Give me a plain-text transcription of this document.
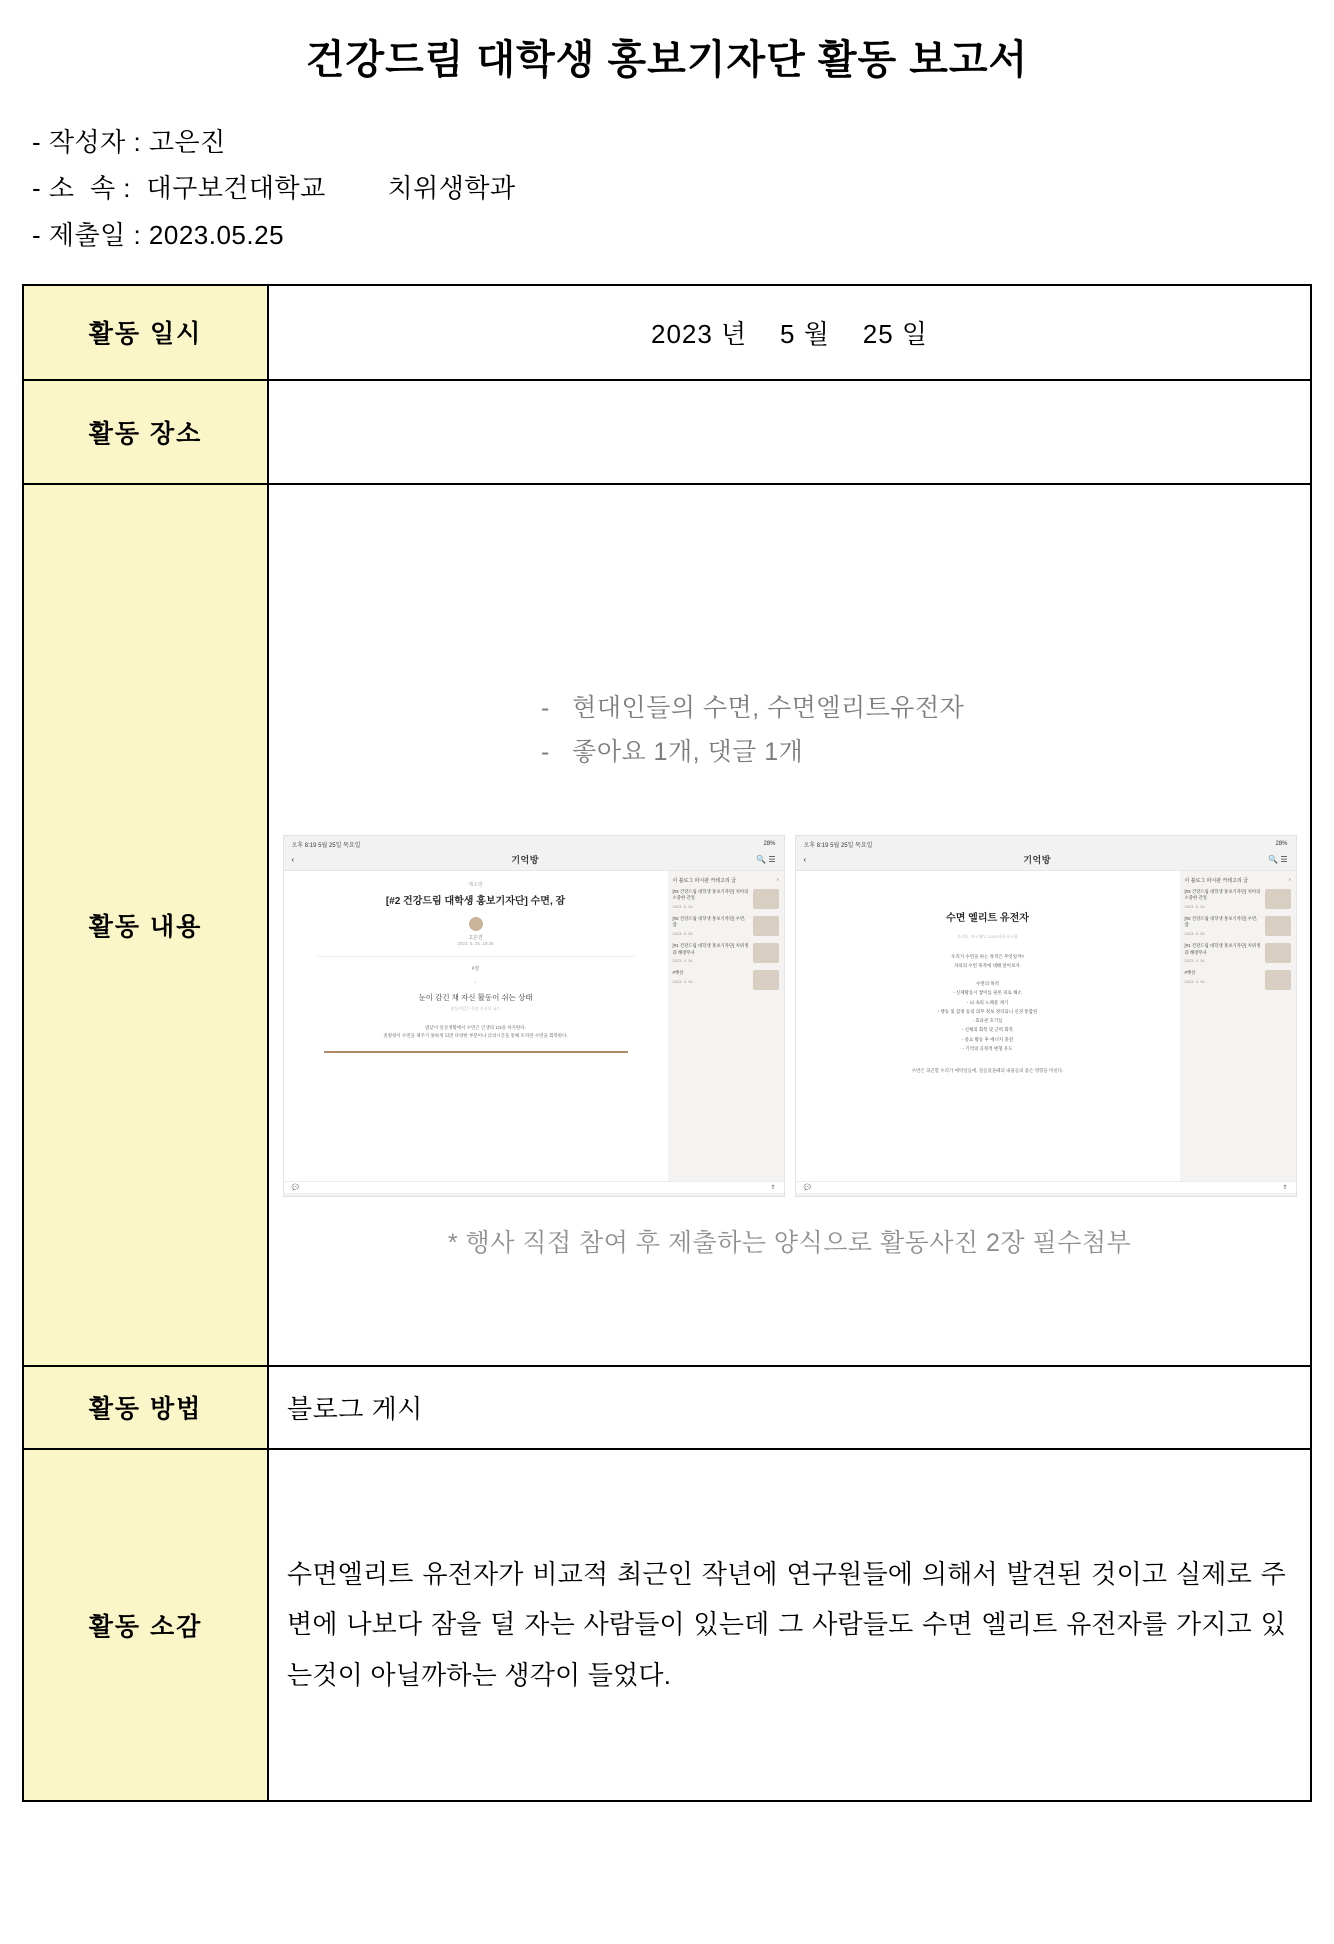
건강드림 대학생 홍보기자단 활동 보고서
- 작성자 : 고은진
- 소  속 :  대구보건대학교        치위생학과
- 제출일 : 2023.05.25
활동 일시	2023 년    5 월    25 일

활동 장소	

활동 내용	
-   현대인들의 수면, 수면엘리트유전자
-   좋아요 1개, 댓글 1개
오후 8:19 5월 25일 목요일	28%
‹	기억방	🔍 ☰
제소방
[#2 건강드림 대학생 홍보기자단] 수면, 잠
고은진
2023. 5. 25. 19:35
#잠
“
눈이 감긴 채 자신 활동이 쉬는 상태
잠들어있는 동안 우리의 뇌는
밤낮이 일상생활에서 수면은 인생의 1/3을 차지한다.
질병청이 수면을 제주기 못하게 되면 다양한 부분이나 낮의시간을 통해 모자란 수면을 회복한다.
이 블로그 파시판 카테고리 글	›
[#3 건강드림 대학생 홍보기자단] 치아의 소중한 간절
2023. 6. 24.
[#2 건강드림 대학생 홍보기자단] 수면, 잠
2023. 5. 25.
[#1 건강드림 대학생 홍보기자단] 치위생과 해방무사
2023. 4. 24.
#햇살
2023. 4. 24.
💬	⇮
오후 8:19 5월 25일 목요일	28%
‹	기억방	🔍 ☰
수면 엘리트 유전자
우리도, 연구해도 12/24이하 요구함
우리가 수면을 하는 목적은 무엇일까?
자의의 수면 목적에 대해 알아보자.

수면의 목적
- 신체활동시 쌓이를 물론 피로 해소
- 뇌 속의 노폐물 제거
- 행동 및 감정 등의 의무 정보 정리되니 신경 통합된
- 효과관 호기심
- 신체의 회복 및 근력 회복
- 중요 활동 후 에너지 충전
- 기억의 공정적 변형 유도
수면은 피곤할 우리가 예약일들에, 질들었을때의 내용들의 좋은 영향을 미친다.
이 블로그 파시판 카테고리 글	›
[#3 건강드림 대학생 홍보기자단] 치아의 소중한 간절
2023. 6. 24.
[#2 건강드림 대학생 홍보기자단] 수면, 잠
2023. 5. 25.
[#1 건강드림 대학생 홍보기자단] 치위생과 해방무사
2023. 4. 24.
#햇살
2023. 4. 24.
💬	⇮
* 행사 직접 참여 후 제출하는 양식으로 활동사진 2장 필수첨부

활동 방법	블로그 게시

활동 소감	수면엘리트 유전자가 비교적 최근인 작년에 연구원들에 의해서 발견된 것이고 실제로 주변에 나보다 잠을 덜 자는 사람들이 있는데 그 사람들도 수면 엘리트 유전자를 가지고 있는것이 아닐까하는 생각이 들었다.
